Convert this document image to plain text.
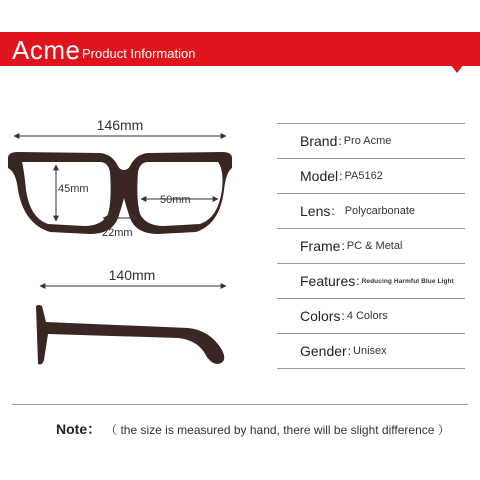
Acme Product Information
146mm
45mm
50mm
22mm
140mm
Brand : Pro Acme
Model : PA5162
Lens : Polycarbonate
Frame : PC & Metal
Features : Reducing Harmful Blue Light
Colors : 4 Colors
Gender : Unisex
Note： （ the size is measured by hand, there will be slight difference ）
